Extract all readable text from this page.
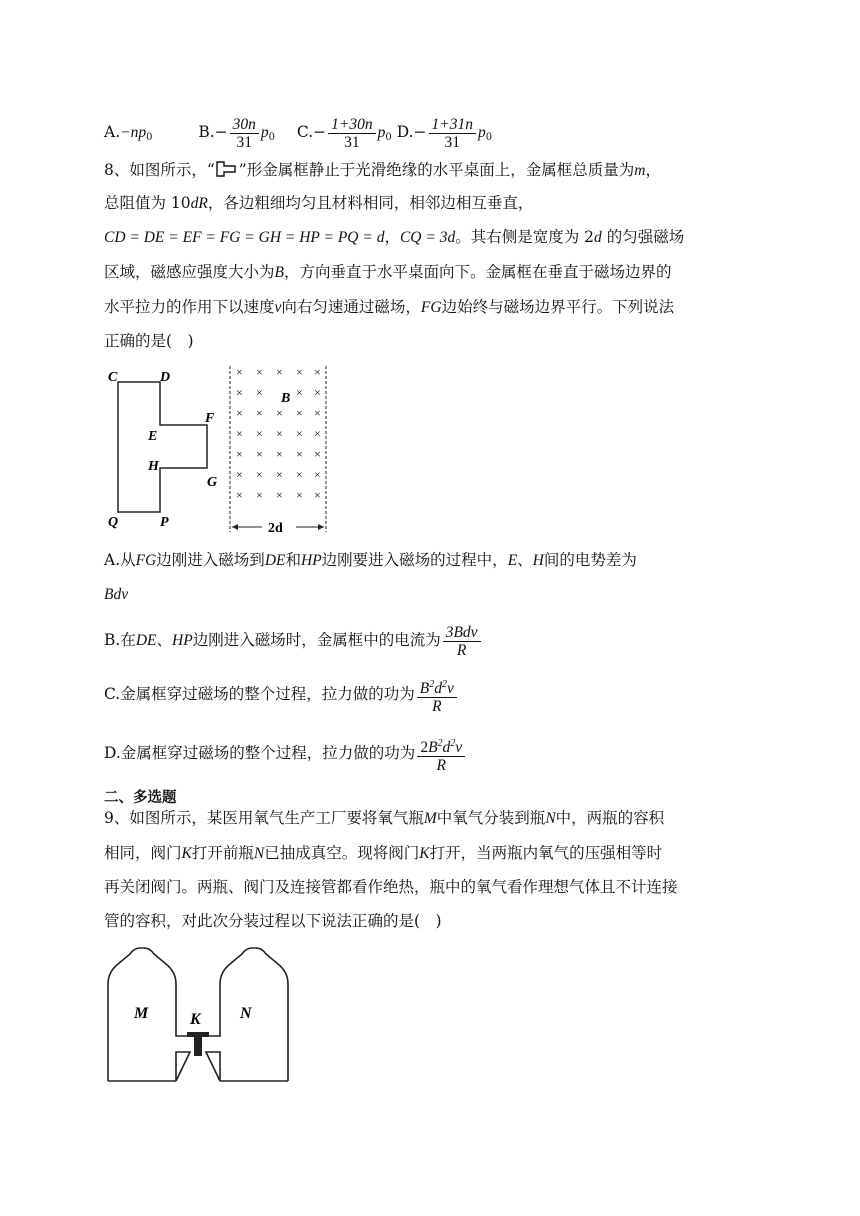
$A.-np_0$	$B.- \frac{30n}{31} p_0$ $C.- \frac{1+30n}{31} p_0$ $D.- \frac{1+31n}{31} p_0$
8、如图所示，“ ”形金属框静止于光滑绝缘的水平桌面上，金属框总质量为m，
总阻值为 10dR，各边粗细均匀且材料相同，相邻边相互垂直，
CD = DE = EF = FG = GH = HP = PQ = d，CQ = 3d。其右侧是宽度为 2d 的匀强磁场
区域，磁感应强度大小为B，方向垂直于水平桌面向下。金属框在垂直于磁场边界的
水平拉力的作用下以速度v向右匀速通过磁场，FG边始终与磁场边界平行。下列说法
正确的是(　)
C	D
E
F
H
G
Q	P
× × × × ×
× ×	× ×
× × × × ×
× × × × ×
× × × × ×
× × × × ×
× × × × ×
B
2d
A.从FG边刚进入磁场到DE和HP边刚要进入磁场的过程中，E、H间的电势差为
Bdv
B.在DE、HP边刚进入磁场时，金属框中的电流为 $\frac{\text{3Bdv}}{R}$
C.金属框穿过磁场的整个过程，拉力做的功为 $\frac{B^2d^2v}{R}$
D.金属框穿过磁场的整个过程，拉力做的功为 $\frac{2B^2d^2v}{R}$
二、多选题
9、如图所示，某医用氧气生产工厂要将氧气瓶M中氧气分装到瓶N中，两瓶的容积
相同，阀门K打开前瓶N已抽成真空。现将阀门K打开，当两瓶内氧气的压强相等时
再关闭阀门。两瓶、阀门及连接管都看作绝热，瓶中的氧气看作理想气体且不计连接
管的容积，对此次分装过程以下说法正确的是(　)
M	K N
